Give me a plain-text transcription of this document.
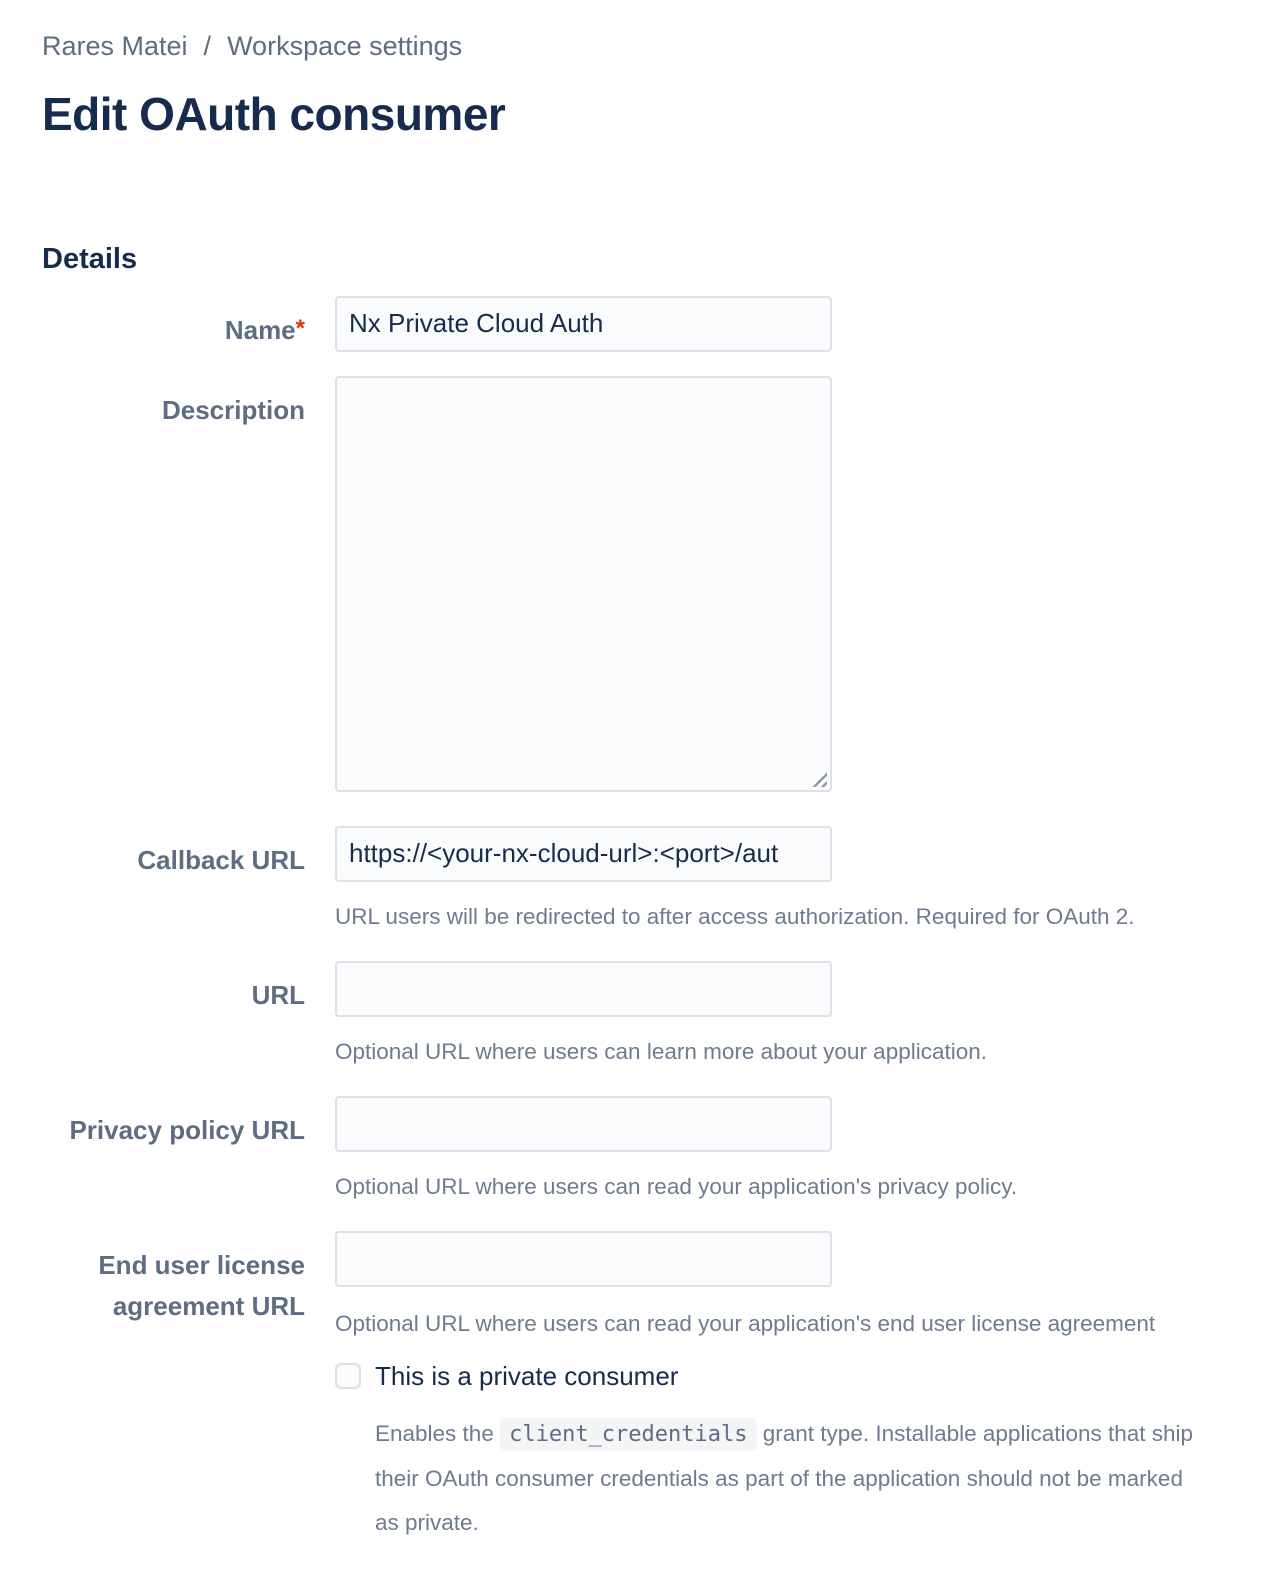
Rares Matei / Workspace settings
Edit OAuth consumer
Details
Name*
Nx Private Cloud Auth
Description
Callback URL
https://<your-nx-cloud-url>:<port>/aut
URL users will be redirected to after access authorization. Required for OAuth 2.
URL
Optional URL where users can learn more about your application.
Privacy policy URL
Optional URL where users can read your application's privacy policy.
End user license agreement URL
Optional URL where users can read your application's end user license agreement
This is a private consumer

Enables the client_credentials grant type. Installable applications that ship their OAuth consumer credentials as part of the application should not be marked as private.
